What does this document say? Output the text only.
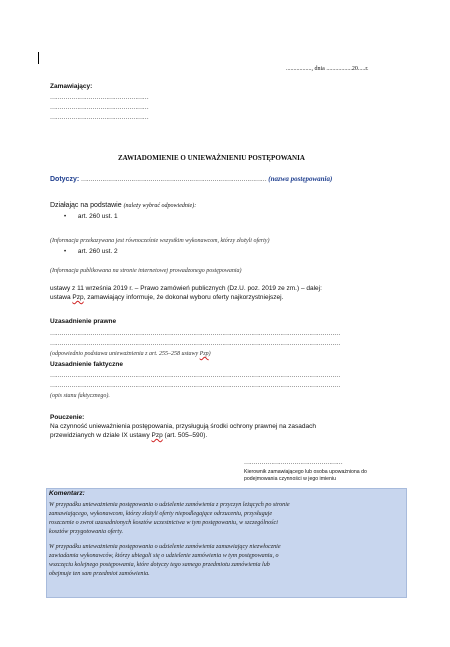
................., dnia .................20.....r.
Zamawiający:
……………………………………………
……………………………………………
……………………………………………
ZAWIADOMIENIE O UNIEWAŻNIENIU POSTĘPOWANIA
Dotyczy: …………………………………………………………………………………… (nazwa postępowania)
Działając na podstawie (należy wybrać odpowiednie):
• art. 260 ust. 1
(Informacja przekazywana jest równocześnie wszystkim wykonawcom, którzy złożyli oferty)
• art. 260 ust. 2
(Informacja publikowana na stronie internetowej prowadzonego postępowania)
ustawy z 11 września 2019 r. – Prawo zamówień publicznych (Dz.U. poz. 2019 ze zm.) – dalej:
ustawa Pzp, zamawiający informuje, że dokonał wyboru oferty najkorzystniejszej.
Uzasadnienie prawne
……………………………………………………………………………………………………………………………………
……………………………………………………………………………………………………………………………………
(odpowiednio podstawa unieważnienia z art. 255–258 ustawy Pzp)
Uzasadnienie faktyczne
……………………………………………………………………………………………………………………………………
……………………………………………………………………………………………………………………………………
(opis stanu faktycznego).
Pouczenie:
Na czynność unieważnienia postępowania, przysługują środki ochrony prawnej na zasadach
przewidzianych w dziale IX ustawy Pzp (art. 505–590).
……………………………………………
Kierownik zamawiającego lub osoba upoważniona do
podejmowania czynności w jego imieniu
Komentarz:
W przypadku unieważnienia postępowania o udzielenie zamówienia z przyczyn leżących po stronie
zamawiającego, wykonawcom, którzy złożyli oferty niepodlegające odrzuceniu, przysługuje
roszczenie o zwrot uzasadnionych kosztów uczestnictwa w tym postępowaniu, w szczególności
kosztów przygotowania oferty.
W przypadku unieważnienia postępowania o udzielenie zamówienia zamawiający niezwłocznie
zawiadamia wykonawców, którzy ubiegali się o udzielenie zamówienia w tym postępowaniu, o
wszczęciu kolejnego postępowania, które dotyczy tego samego przedmiotu zamówienia lub
obejmuje ten sam przedmiot zamówienia.
